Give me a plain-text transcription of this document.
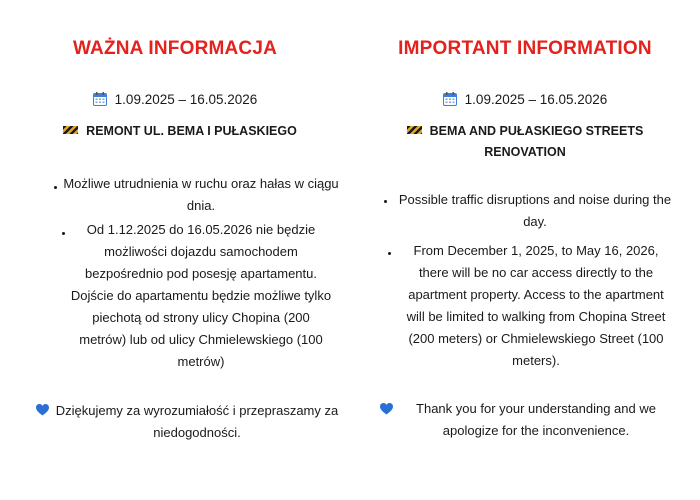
WAŻNA INFORMACJA
1.09.2025 – 16.05.2026
REMONT UL. BEMA I PUŁASKIEGO
Możliwe utrudnienia w ruchu oraz hałas w ciągu dnia.
Od 1.12.2025 do 16.05.2026 nie będzie możliwości dojazdu samochodem bezpośrednio pod posesję apartamentu. Dojście do apartamentu będzie możliwe tylko piechotą od strony ulicy Chopina (200 metrów) lub od ulicy Chmielewskiego (100 metrów)
Dziękujemy za wyrozumiałość i przepraszamy za niedogodności.
IMPORTANT INFORMATION
1.09.2025 – 16.05.2026
BEMA AND PUŁASKIEGO STREETS RENOVATION
Possible traffic disruptions and noise during the day.
From December 1, 2025, to May 16, 2026, there will be no car access directly to the apartment property. Access to the apartment will be limited to walking from Chopina Street (200 meters) or Chmielewskiego Street (100 meters).
Thank you for your understanding and we apologize for the inconvenience.
